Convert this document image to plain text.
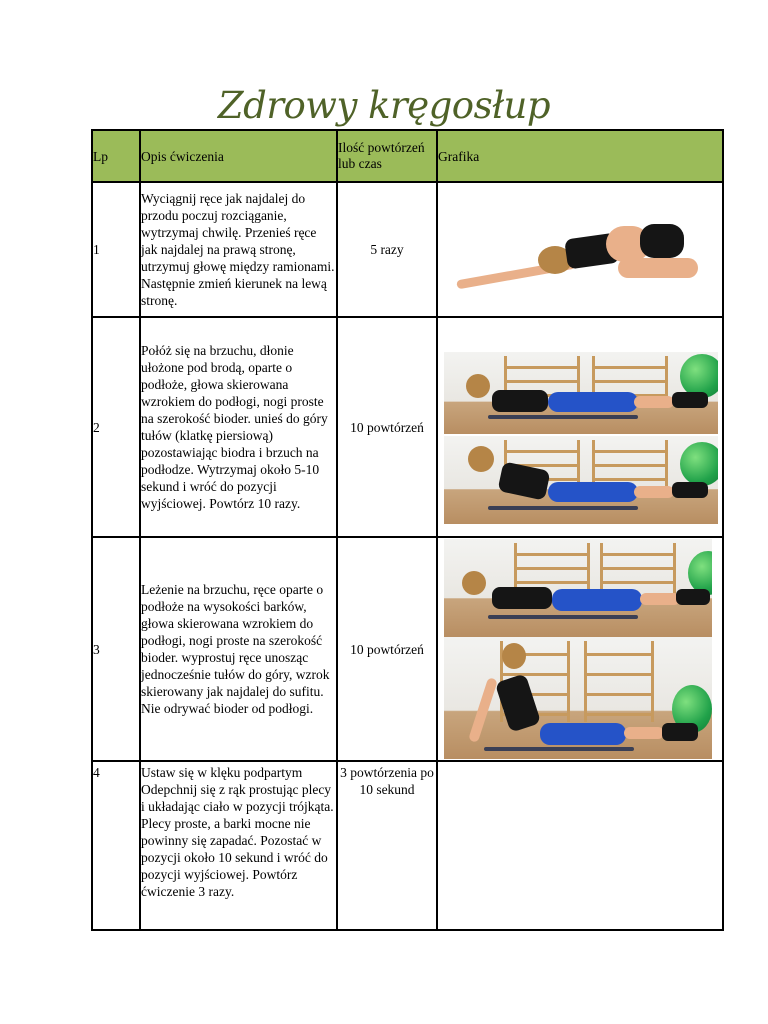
Zdrowy kręgosłup
Lp	Opis ćwiczenia	Ilość powtórzeń lub czas	Grafika
1	Wyciągnij ręce jak najdalej do przodu poczuj rozciąganie, wytrzymaj chwilę. Przenieś ręce jak najdalej na prawą stronę, utrzymuj głowę między ramionami. Następnie zmień kierunek na lewą stronę.	5 razy	

2	Połóż się na brzuchu, dłonie ułożone pod brodą, oparte o podłoże, głowa skierowana wzrokiem do podłogi, nogi proste na szerokość bioder. unieś do góry tułów (klatkę piersiową) pozostawiając biodra i brzuch na podłodze. Wytrzymaj około 5-10 sekund i wróć do pozycji wyjściowej. Powtórz 10 razy.	10 powtórzeń	

3	Leżenie na brzuchu, ręce oparte o podłoże na wysokości barków, głowa skierowana wzrokiem do podłogi, nogi proste na szerokość bioder. wyprostuj ręce unosząc jednocześnie tułów do góry, wzrok skierowany jak najdalej do sufitu. Nie odrywać bioder od podłogi.	10 powtórzeń	

4	Ustaw się w klęku podpartym Odepchnij się z rąk prostując plecy i układając ciało w pozycji trójkąta. Plecy proste, a barki mocne nie powinny się zapadać. Pozostać w pozycji około 10 sekund i wróć do pozycji wyjściowej. Powtórz ćwiczenie 3 razy.	3 powtórzenia po 10 sekund	
